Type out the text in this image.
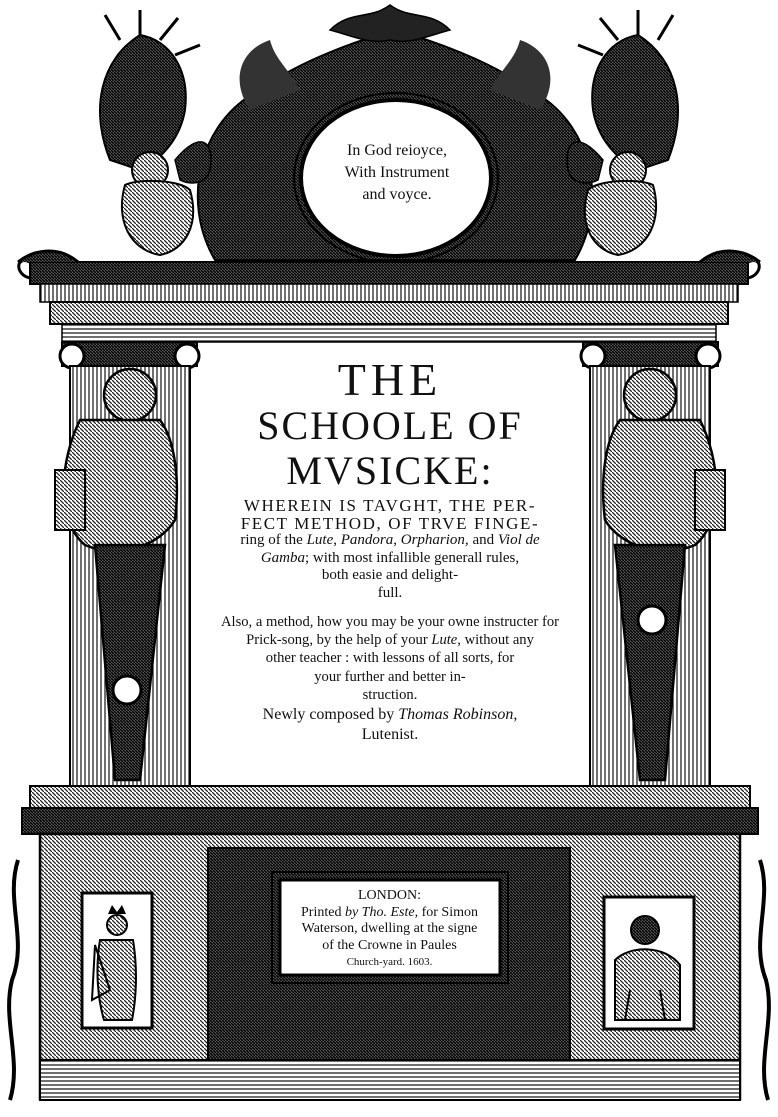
In God reioyce,
With Instrument
and voyce.
THE
SCHOOLE OF
MVSICKE:
WHEREIN IS TAVGHT, THE PER-
FECT METHOD, OF TRVE FINGE-
ring of the Lute, Pandora, Orpharion, and Viol de
Gamba; with most infallible generall rules,
both easie and delight-
full.
Also, a method, how you may be your owne instructer for
Prick-song, by the help of your Lute, without any
other teacher : with lessons of all sorts, for
your further and better in-
struction.
Newly composed by Thomas Robinson,
Lutenist.
LONDON:
Printed by Tho. Este, for Simon
Waterson, dwelling at the signe
of the Crowne in Paules
Church-yard. 1603.
